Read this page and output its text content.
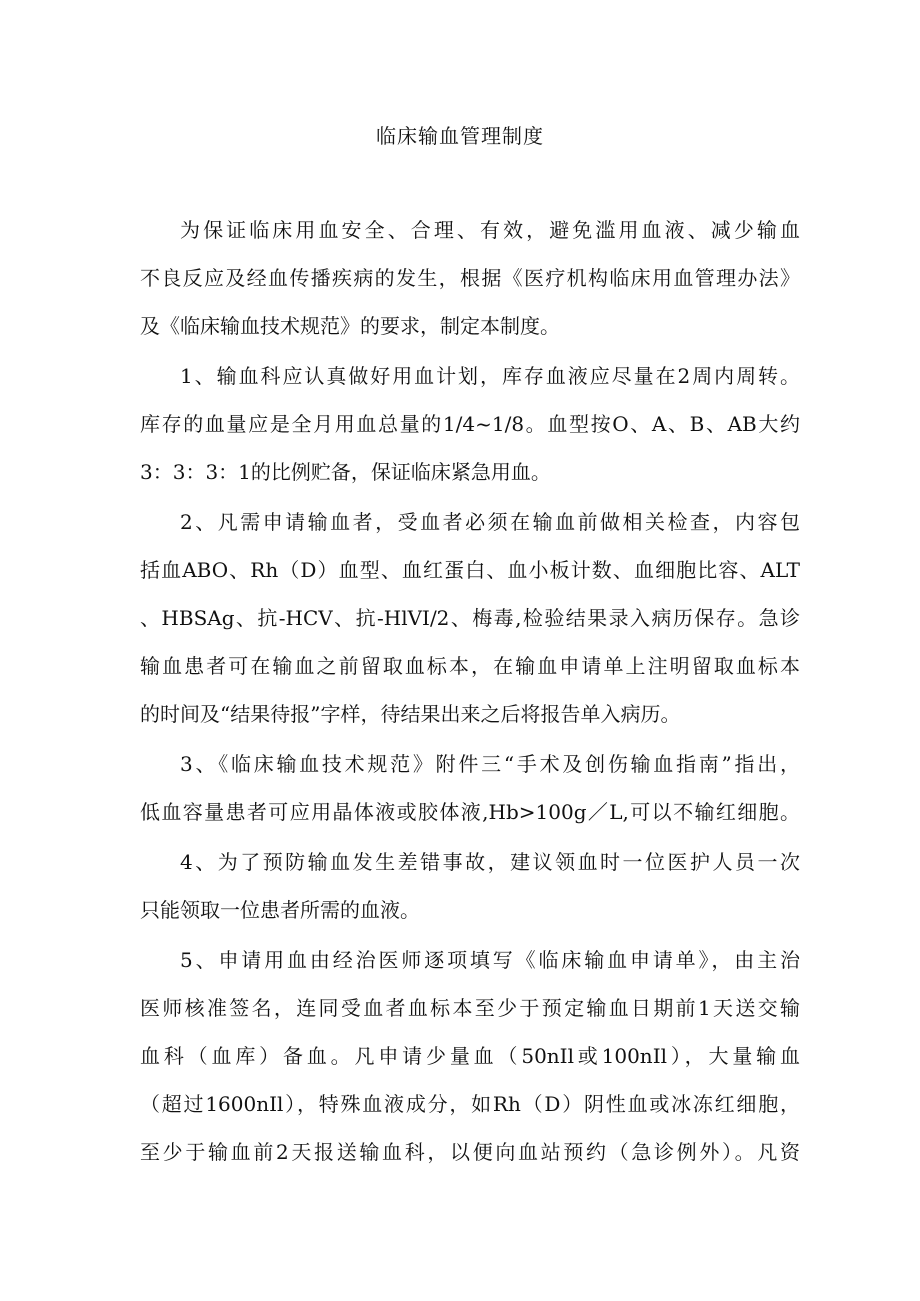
临床输血管理制度

为保证临床用血安全、合理、有效，避免滥用血液、减少输血

不良反应及经血传播疾病的发生，根据《医疗机构临床用血管理办法》

及《临床输血技术规范》的要求，制定本制度。

1、输血科应认真做好用血计划，库存血液应尽量在2周内周转。

库存的血量应是全月用血总量的1/4~1/8。血型按O、A、B、AB大约

3：3：3：1的比例贮备，保证临床紧急用血。

2、凡需申请输血者，受血者必须在输血前做相关检查，内容包

括血ABO、Rh（D）血型、血红蛋白、血小板计数、血细胞比容、ALT

、HBSAg、抗-HCV、抗-HlVI/2、梅毒,检验结果录入病历保存。急诊

输血患者可在输血之前留取血标本，在输血申请单上注明留取血标本

的时间及“结果待报”字样，待结果出来之后将报告单入病历。

3、《临床输血技术规范》附件三“手术及创伤输血指南”指出，

低血容量患者可应用晶体液或胶体液,Hb>100g／L,可以不输红细胞。

4、为了预防输血发生差错事故，建议领血时一位医护人员一次

只能领取一位患者所需的血液。

5、申请用血由经治医师逐项填写《临床输血申请单》，由主治

医师核准签名，连同受血者血标本至少于预定输血日期前1天送交输

血科（血库）备血。凡申请少量血（50nIl或100nIl），大量输血

（超过1600nIl），特殊血液成分，如Rh（D）阴性血或冰冻红细胞，

至少于输血前2天报送输血科，以便向血站预约（急诊例外）。凡资
